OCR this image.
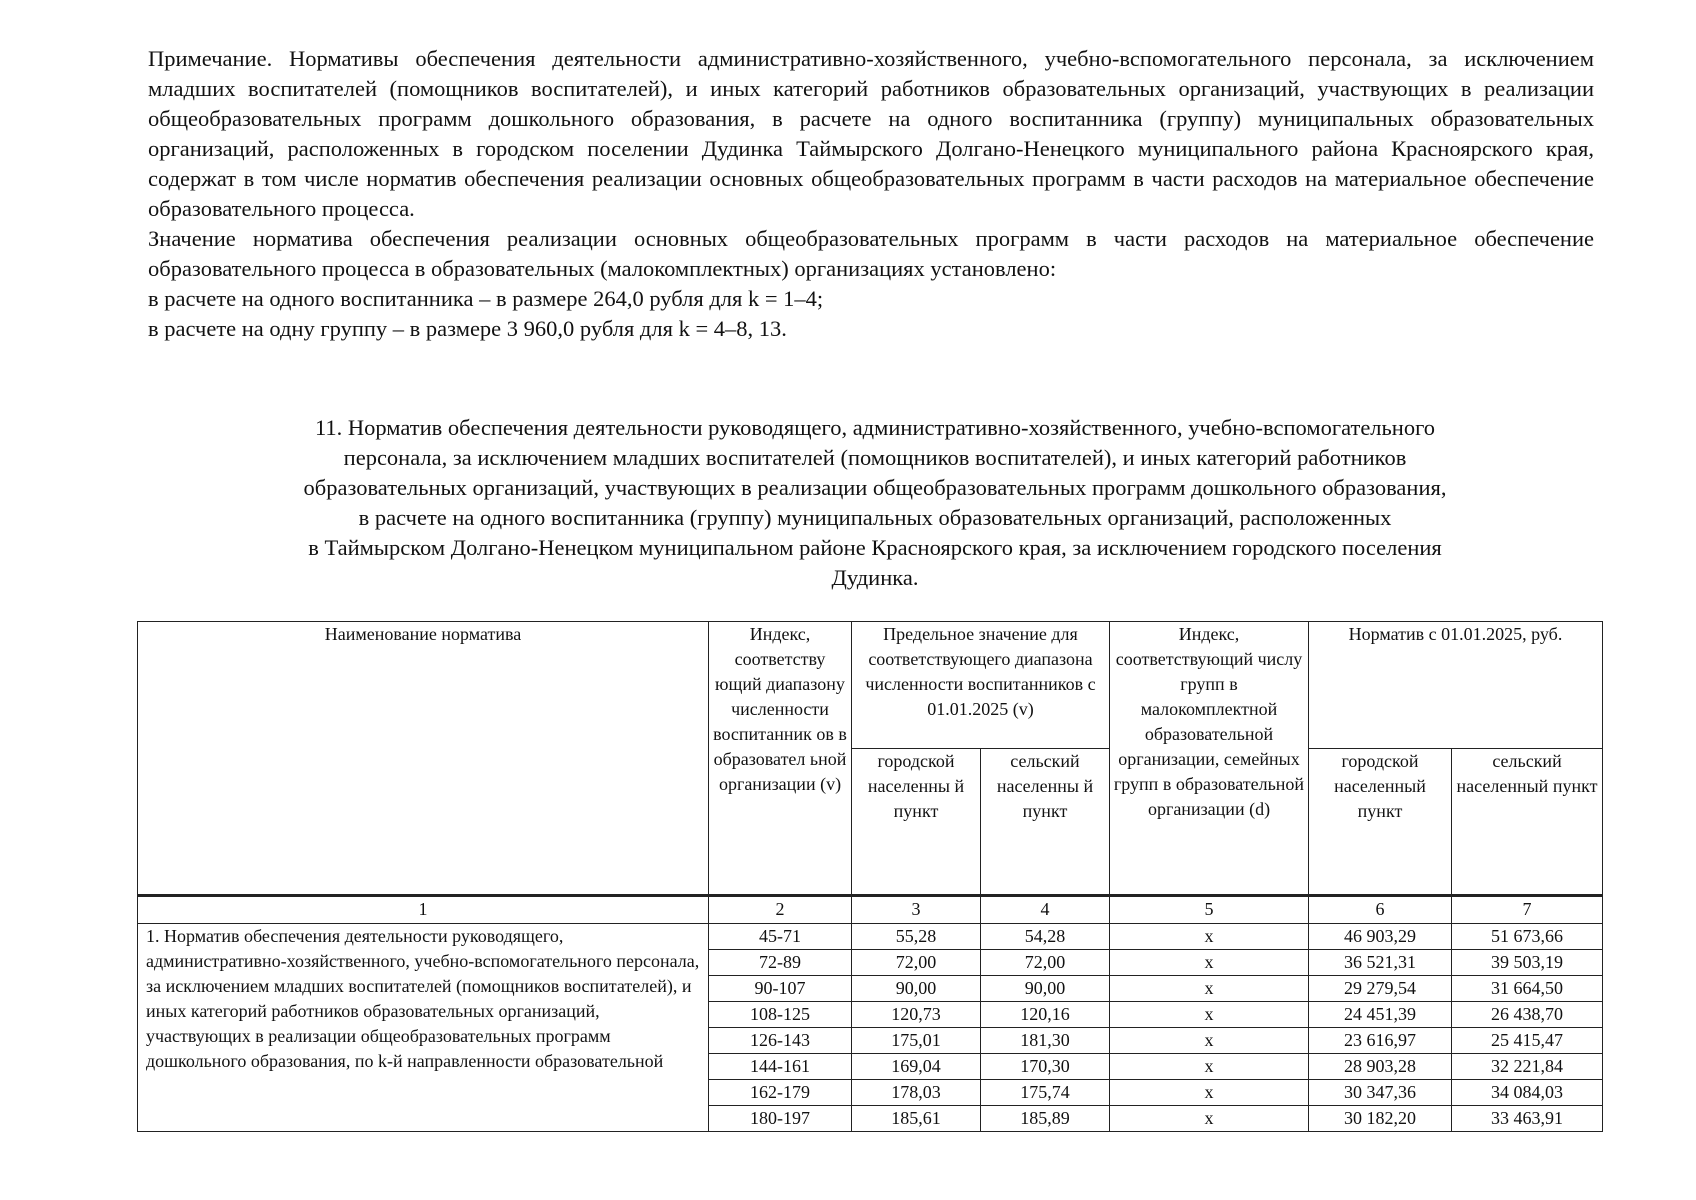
Примечание. Нормативы обеспечения деятельности административно-хозяйственного, учебно-вспомогательного персонала, за исключением младших воспитателей (помощников воспитателей), и иных категорий работников образовательных организаций, участвующих в реализации общеобразовательных программ дошкольного образования, в расчете на одного воспитанника (группу) муниципальных образовательных организаций, расположенных в городском поселении Дудинка Таймырского Долгано-Ненецкого муниципального района Красноярского края, содержат в том числе норматив обеспечения реализации основных общеобразовательных программ в части расходов на материальное обеспечение образовательного процесса.

Значение норматива обеспечения реализации основных общеобразовательных программ в части расходов на материальное обеспечение образовательного процесса в образовательных (малокомплектных) организациях установлено:

в расчете на одного воспитанника – в размере 264,0 рубля для k = 1–4;

в расчете на одну группу – в размере 3 960,0 рубля для k = 4–8, 13.

11. Норматив обеспечения деятельности руководящего, административно-хозяйственного, учебно-вспомогательного

персонала, за исключением младших воспитателей (помощников воспитателей), и иных категорий работников

образовательных организаций, участвующих в реализации общеобразовательных программ дошкольного образования,

в расчете на одного воспитанника (группу) муниципальных образовательных организаций, расположенных

в Таймырском Долгано-Ненецком муниципальном районе Красноярского края, за исключением городского поселения

Дудинка.

Наименование норматива	Индекс, соответству ющий диапазону численности воспитанник ов в образовател ьной организации (v)	Предельное значение для соответствующего диапазона численности воспитанников с 01.01.2025 (v)		Индекс, соответствующий числу групп в малокомплектной образовательной организации, семейных групп в образовательной организации (d)	Норматив с 01.01.2025, руб.	
		городской населенны й пункт	сельский населенны й пункт		городской населенный пункт	сельский населенный пункт
1	2	3	4	5	6	7
1. Норматив обеспечения деятельности руководящего, административно-хозяйственного, учебно-вспомогательного персонала, за исключением младших воспитателей (помощников воспитателей), и иных категорий работников образовательных организаций, участвующих в реализации общеобразовательных программ дошкольного образования, по k-й направленности образовательной	45-71	55,28	54,28	x	46 903,29	51 673,66
	72-89	72,00	72,00	x	36 521,31	39 503,19
	90-107	90,00	90,00	x	29 279,54	31 664,50
	108-125	120,73	120,16	x	24 451,39	26 438,70
	126-143	175,01	181,30	x	23 616,97	25 415,47
	144-161	169,04	170,30	x	28 903,28	32 221,84
	162-179	178,03	175,74	x	30 347,36	34 084,03
	180-197	185,61	185,89	x	30 182,20	33 463,91
